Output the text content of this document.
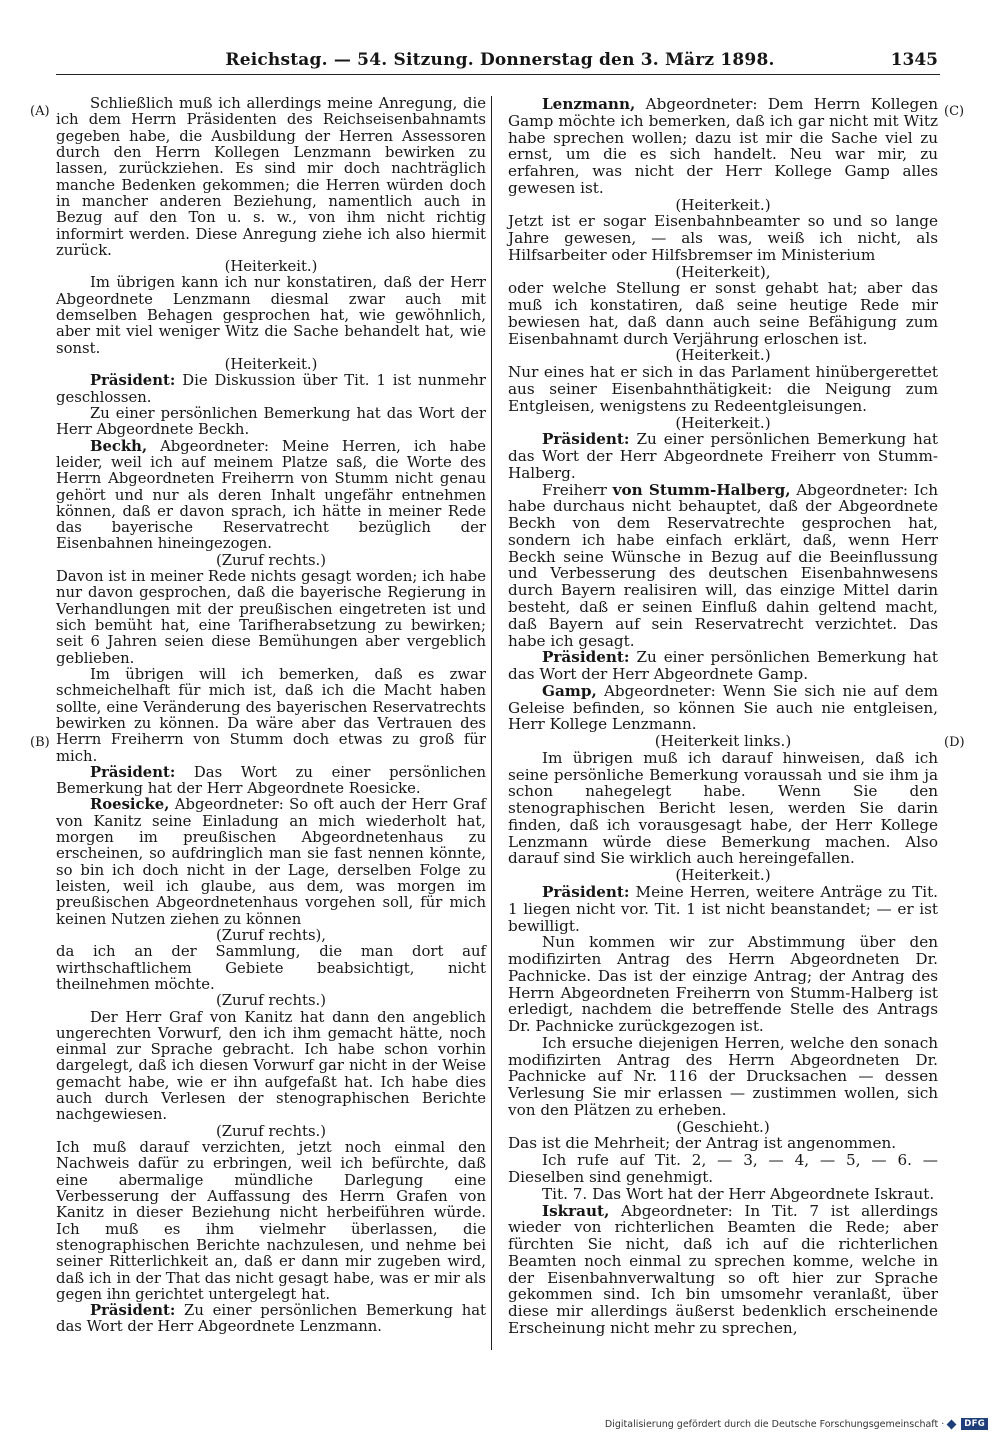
Reichstag. — 54. Sitzung. Donnerstag den 3. März 1898.	1345
(A)
(B)
(C)
(D)

Schließlich muß ich allerdings meine Anregung, die ich dem Herrn Präsidenten des Reichseisenbahnamts gegeben habe, die Ausbildung der Herren Assessoren durch den Herrn Kollegen Lenzmann bewirken zu lassen, zurückziehen. Es sind mir doch nachträglich manche Bedenken gekommen; die Herren würden doch in mancher anderen Beziehung, namentlich auch in Bezug auf den Ton u. s. w., von ihm nicht richtig informirt werden. Diese Anregung ziehe ich also hiermit zurück.

(Heiterkeit.)

Im übrigen kann ich nur konstatiren, daß der Herr Abgeordnete Lenzmann diesmal zwar auch mit demselben Behagen gesprochen hat, wie gewöhnlich, aber mit viel weniger Witz die Sache behandelt hat, wie sonst.

(Heiterkeit.)

Präsident: Die Diskussion über Tit. 1 ist nunmehr geschlossen.

Zu einer persönlichen Bemerkung hat das Wort der Herr Abgeordnete Beckh.

Beckh, Abgeordneter: Meine Herren, ich habe leider, weil ich auf meinem Platze saß, die Worte des Herrn Abgeordneten Freiherrn von Stumm nicht genau gehört und nur als deren Inhalt ungefähr entnehmen können, daß er davon sprach, ich hätte in meiner Rede das bayerische Reservatrecht bezüglich der Eisenbahnen hineingezogen.

(Zuruf rechts.)

Davon ist in meiner Rede nichts gesagt worden; ich habe nur davon gesprochen, daß die bayerische Regierung in Verhandlungen mit der preußischen eingetreten ist und sich bemüht hat, eine Tarifherabsetzung zu bewirken; seit 6 Jahren seien diese Bemühungen aber vergeblich geblieben.

Im übrigen will ich bemerken, daß es zwar schmeichelhaft für mich ist, daß ich die Macht haben sollte, eine Veränderung des bayerischen Reservatrechts bewirken zu können. Da wäre aber das Vertrauen des Herrn Freiherrn von Stumm doch etwas zu groß für mich.

Präsident: Das Wort zu einer persönlichen Bemerkung hat der Herr Abgeordnete Roesicke.

Roesicke, Abgeordneter: So oft auch der Herr Graf von Kanitz seine Einladung an mich wiederholt hat, morgen im preußischen Abgeordnetenhaus zu erscheinen, so aufdringlich man sie fast nennen könnte, so bin ich doch nicht in der Lage, derselben Folge zu leisten, weil ich glaube, aus dem, was morgen im preußischen Abgeordnetenhaus vorgehen soll, für mich keinen Nutzen ziehen zu können

(Zuruf rechts),

da ich an der Sammlung, die man dort auf wirthschaftlichem Gebiete beabsichtigt, nicht theilnehmen möchte.

(Zuruf rechts.)

Der Herr Graf von Kanitz hat dann den angeblich ungerechten Vorwurf, den ich ihm gemacht hätte, noch einmal zur Sprache gebracht. Ich habe schon vorhin dargelegt, daß ich diesen Vorwurf gar nicht in der Weise gemacht habe, wie er ihn aufgefaßt hat. Ich habe dies auch durch Verlesen der stenographischen Berichte nachgewiesen.

(Zuruf rechts.)

Ich muß darauf verzichten, jetzt noch einmal den Nachweis dafür zu erbringen, weil ich befürchte, daß eine abermalige mündliche Darlegung eine Verbesserung der Auffassung des Herrn Grafen von Kanitz in dieser Beziehung nicht herbeiführen würde. Ich muß es ihm vielmehr überlassen, die stenographischen Berichte nachzulesen, und nehme bei seiner Ritterlichkeit an, daß er dann mir zugeben wird, daß ich in der That das nicht gesagt habe, was er mir als gegen ihn gerichtet untergelegt hat.

Präsident: Zu einer persönlichen Bemerkung hat das Wort der Herr Abgeordnete Lenzmann.

Lenzmann, Abgeordneter: Dem Herrn Kollegen Gamp möchte ich bemerken, daß ich gar nicht mit Witz habe sprechen wollen; dazu ist mir die Sache viel zu ernst, um die es sich handelt. Neu war mir, zu erfahren, was nicht der Herr Kollege Gamp alles gewesen ist.

(Heiterkeit.)

Jetzt ist er sogar Eisenbahnbeamter so und so lange Jahre gewesen, — als was, weiß ich nicht, als Hilfsarbeiter oder Hilfsbremser im Ministerium

(Heiterkeit),

oder welche Stellung er sonst gehabt hat; aber das muß ich konstatiren, daß seine heutige Rede mir bewiesen hat, daß dann auch seine Befähigung zum Eisenbahnamt durch Verjährung erloschen ist.

(Heiterkeit.)

Nur eines hat er sich in das Parlament hinübergerettet aus seiner Eisenbahnthätigkeit: die Neigung zum Entgleisen, wenigstens zu Redeentgleisungen.

(Heiterkeit.)

Präsident: Zu einer persönlichen Bemerkung hat das Wort der Herr Abgeordnete Freiherr von Stumm-Halberg.

Freiherr von Stumm-Halberg, Abgeordneter: Ich habe durchaus nicht behauptet, daß der Abgeordnete Beckh von dem Reservatrechte gesprochen hat, sondern ich habe einfach erklärt, daß, wenn Herr Beckh seine Wünsche in Bezug auf die Beeinflussung und Verbesserung des deutschen Eisenbahnwesens durch Bayern realisiren will, das einzige Mittel darin besteht, daß er seinen Einfluß dahin geltend macht, daß Bayern auf sein Reservatrecht verzichtet. Das habe ich gesagt.

Präsident: Zu einer persönlichen Bemerkung hat das Wort der Herr Abgeordnete Gamp.

Gamp, Abgeordneter: Wenn Sie sich nie auf dem Geleise befinden, so können Sie auch nie entgleisen, Herr Kollege Lenzmann.

(Heiterkeit links.)

Im übrigen muß ich darauf hinweisen, daß ich seine persönliche Bemerkung voraussah und sie ihm ja schon nahegelegt habe. Wenn Sie den stenographischen Bericht lesen, werden Sie darin finden, daß ich vorausgesagt habe, der Herr Kollege Lenzmann würde diese Bemerkung machen. Also darauf sind Sie wirklich auch hereingefallen.

(Heiterkeit.)

Präsident: Meine Herren, weitere Anträge zu Tit. 1 liegen nicht vor. Tit. 1 ist nicht beanstandet; — er ist bewilligt.

Nun kommen wir zur Abstimmung über den modifizirten Antrag des Herrn Abgeordneten Dr. Pachnicke. Das ist der einzige Antrag; der Antrag des Herrn Abgeordneten Freiherrn von Stumm-Halberg ist erledigt, nachdem die betreffende Stelle des Antrags Dr. Pachnicke zurückgezogen ist.

Ich ersuche diejenigen Herren, welche den sonach modifizirten Antrag des Herrn Abgeordneten Dr. Pachnicke auf Nr. 116 der Drucksachen — dessen Verlesung Sie mir erlassen — zustimmen wollen, sich von den Plätzen zu erheben.

(Geschieht.)

Das ist die Mehrheit; der Antrag ist angenommen.

Ich rufe auf Tit. 2, — 3, — 4, — 5, — 6. — Dieselben sind genehmigt.

Tit. 7. Das Wort hat der Herr Abgeordnete Iskraut.

Iskraut, Abgeordneter: In Tit. 7 ist allerdings wieder von richterlichen Beamten die Rede; aber fürchten Sie nicht, daß ich auf die richterlichen Beamten noch einmal zu sprechen komme, welche in der Eisenbahnverwaltung so oft hier zur Sprache gekommen sind. Ich bin umsomehr veranlaßt, über diese mir allerdings äußerst bedenklich erscheinende Erscheinung nicht mehr zu sprechen,

Digitalisierung gefördert durch die Deutsche Forschungsgemeinschaft ·	DFG
